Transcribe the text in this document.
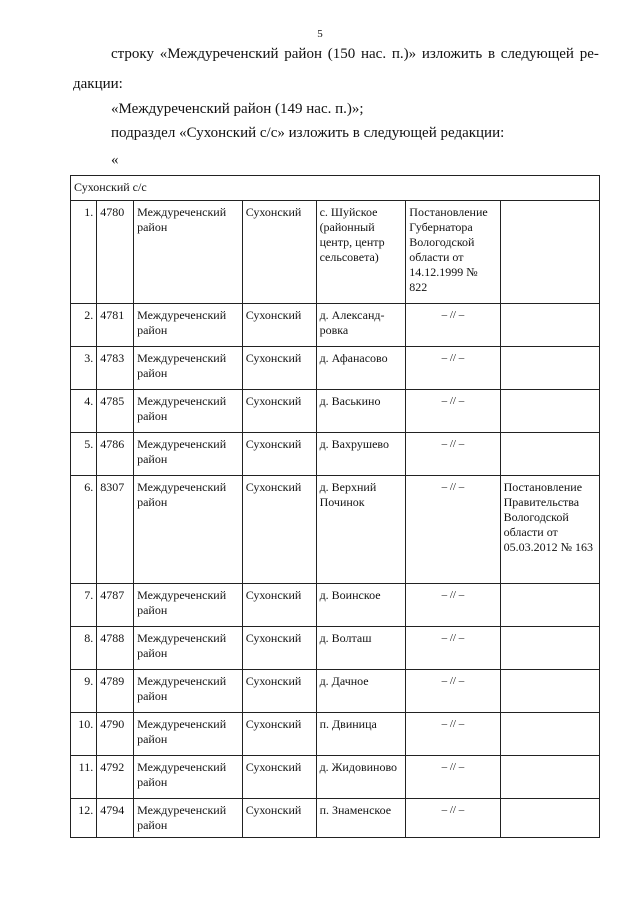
5
строку «Междуреченский район (150 нас. п.)» изложить в следующей ре-
дакции:
«Междуреченский район (149 нас. п.)»;
подраздел «Сухонский с/с» изложить в следующей редакции:
«
Сухонский с/с						
1.	4780	Междуреченский район	Сухонский	с. Шуйское (районный центр, центр сельсовета)	Постановление Губернатора Вологодской области от 14.12.1999 № 822	
2.	4781	Междуреченский район	Сухонский	д. Александ-ровка	– // –	
3.	4783	Междуреченский район	Сухонский	д. Афанасово	– // –	
4.	4785	Междуреченский район	Сухонский	д. Васькино	– // –	
5.	4786	Междуреченский район	Сухонский	д. Вахрушево	– // –	
6.	8307	Междуреченский район	Сухонский	д. Верхний Починок	– // –	Постановление Правительства Вологодской области от 05.03.2012 № 163
7.	4787	Междуреченский район	Сухонский	д. Воинское	– // –	
8.	4788	Междуреченский район	Сухонский	д. Волташ	– // –	
9.	4789	Междуреченский район	Сухонский	д. Дачное	– // –	
10.	4790	Междуреченский район	Сухонский	п. Двиница	– // –	
11.	4792	Междуреченский район	Сухонский	д. Жидовиново	– // –	
12.	4794	Междуреченский район	Сухонский	п. Знаменское	– // –	
